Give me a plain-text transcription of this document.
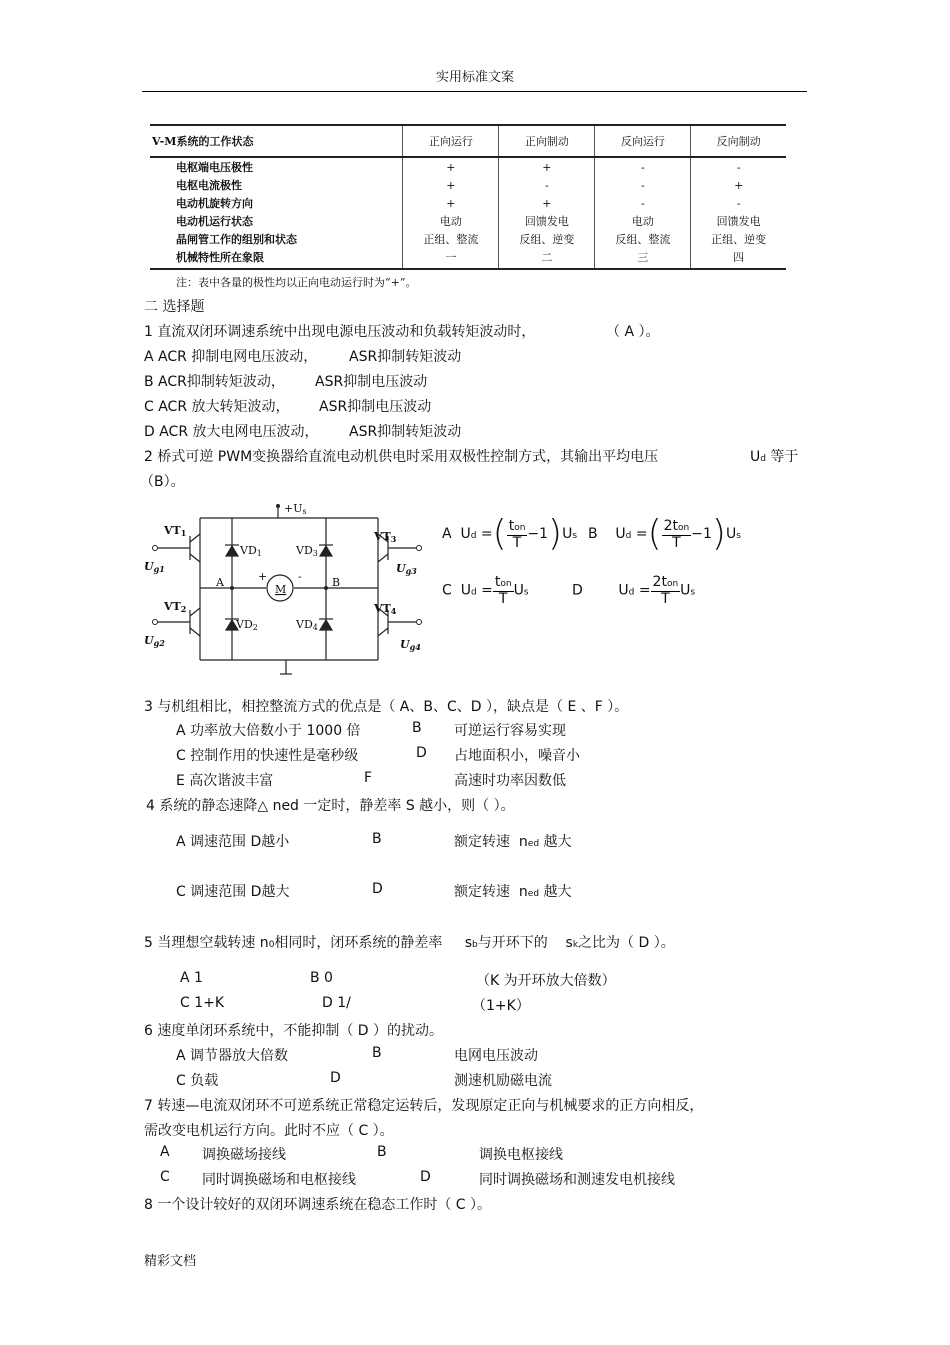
实用标准文案
V-M系统的工作状态	正向运行	正向制动	反向运行	反向制动
电枢端电压极性	+	+	-	-
电枢电流极性	+	-	-	+
电动机旋转方向	+	+	-	-
电动机运行状态	电动	回馈发电	电动	回馈发电
晶闸管工作的组别和状态	正组、整流	反组、逆变	反组、整流	正组、逆变
机械特性所在象限	一	二	三	四
注：表中各量的极性均以正向电动运行时为“+”。
二 选择题
1 直流双闭环调速系统中出现电源电压波动和负载转矩波动时，	（ A ）。
A ACR 抑制电网电压波动， ASR抑制转矩波动
B ACR抑制转矩波动， ASR抑制电压波动
C ACR 放大转矩波动， ASR抑制电压波动
D ACR 放大电网电压波动， ASR抑制转矩波动
2 桥式可逆 PWM变换器给直流电动机供电时采用双极性控制方式，其输出平均电压	Ud 等于
（B）。
+Us
VT1
VT2
VT3
VT4
VD1
VD2
VD3
VD4
Ug1
Ug2
Ug3
Ug4
A	B
M
+	-
A Ud =( $\frac{\text{ton}}{T} -1)Us$ B Ud =( $\frac{\text{2ton}}{T} -1)Us$
C $Ud = \frac{\text{ton}}{T}$ Us	D	$Ud = \frac{\text{2ton}}{T}$ Us
3 与机组相比，相控整流方式的优点是（ A、B、C、D ），缺点是（ E 、F ）。
A 功率放大倍数小于 1000 倍	B 可逆运行容易实现
C 控制作用的快速性是毫秒级	D 占地面积小，噪音小
E 高次谐波丰富	F	高速时功率因数低
4 系统的静态速降△ ned 一定时，静差率 S 越小，则（ ）。
A 调速范围 D越小	B	额定转速 ned 越大
C 调速范围 D越大	D	额定转速 ned 越大
5 当理想空载转速 n0相同时，闭环系统的静差率 sb与开环下的 sk之比为（ D ）。
A 1	B 0	（K 为开环放大倍数）
C 1+K	D 1/	（1+K）
6 速度单闭环系统中，不能抑制（ D ）的扰动。
A 调节器放大倍数	B	电网电压波动
C 负载	D	测速机励磁电流
7 转速—电流双闭环不可逆系统正常稳定运转后，发现原定正向与机械要求的正方向相反，
需改变电机运行方向。此时不应（ C ）。
A 调换磁场接线	B	调换电枢接线
C 同时调换磁场和电枢接线	D	同时调换磁场和测速发电机接线
8 一个设计较好的双闭环调速系统在稳态工作时（ C ）。
精彩文档
